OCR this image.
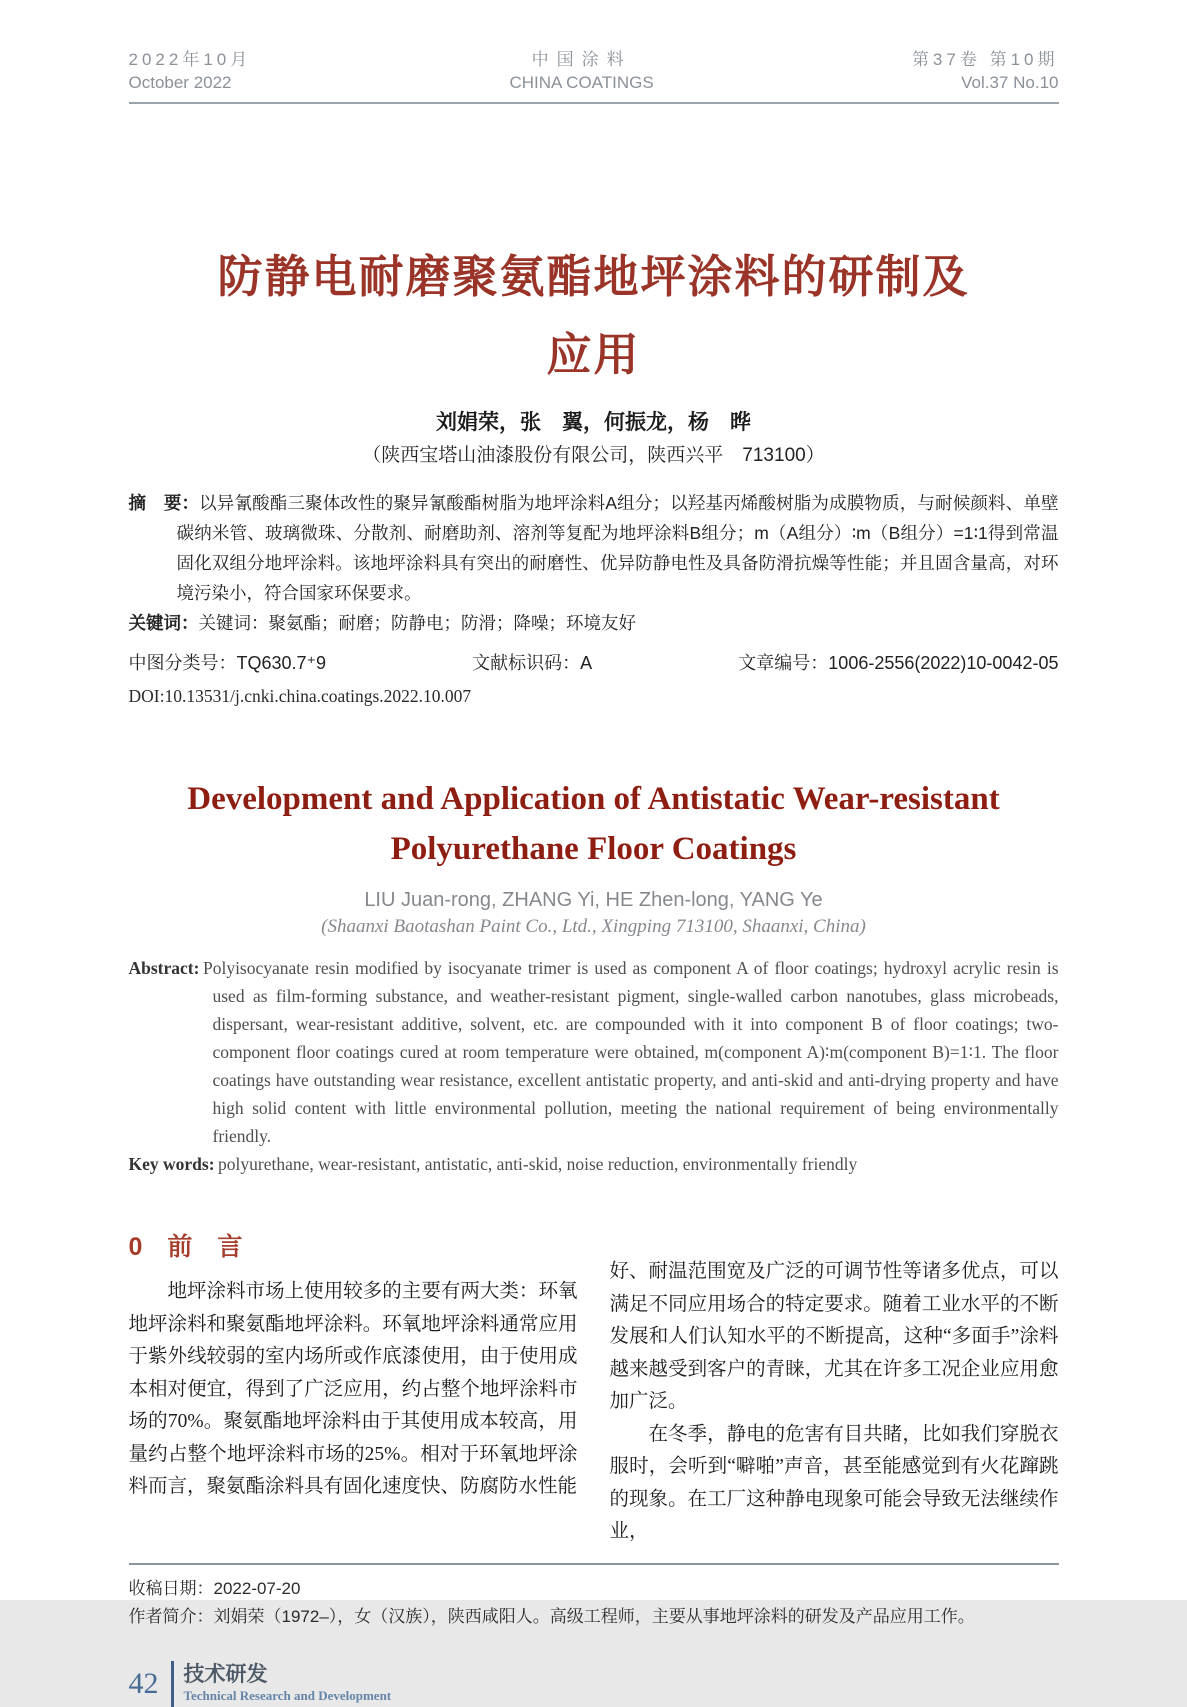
2022年10月
October 2022
中国涂料
CHINA COATINGS
第37卷 第10期
Vol.37 No.10
防静电耐磨聚氨酯地坪涂料的研制及
应用
刘娟荣，张　翼，何振龙，杨　晔
（陕西宝塔山油漆股份有限公司，陕西兴平　713100）

摘　要：以异氰酸酯三聚体改性的聚异氰酸酯树脂为地坪涂料A组分；以羟基丙烯酸树脂为成膜物质，与耐候颜料、单壁碳纳米管、玻璃微珠、分散剂、耐磨助剂、溶剂等复配为地坪涂料B组分；m（A组分）∶m（B组分）=1∶1得到常温固化双组分地坪涂料。该地坪涂料具有突出的耐磨性、优异防静电性及具备防滑抗燥等性能；并且固含量高，对环境污染小，符合国家环保要求。

关键词：关键词：聚氨酯；耐磨；防静电；防滑；降噪；环境友好

中图分类号：TQ630.7⁺9	文献标识码：A	文章编号：1006-2556(2022)10-0042-05
DOI:10.13531/j.cnki.china.coatings.2022.10.007
Development and Application of Antistatic Wear-resistant
Polyurethane Floor Coatings
LIU Juan-rong, ZHANG Yi, HE Zhen-long, YANG Ye
(Shaanxi Baotashan Paint Co., Ltd., Xingping 713100, Shaanxi, China)

Abstract:  Polyisocyanate resin modified by isocyanate trimer is used as component A of floor coatings; hydroxyl acrylic resin is used as film-forming substance, and weather-resistant pigment, single-walled carbon nanotubes, glass microbeads, dispersant, wear-resistant additive, solvent, etc. are compounded with it into component B of floor coatings; two-component floor coatings cured at room temperature were obtained, m(component A)∶m(component B)=1∶1. The floor coatings have outstanding wear resistance, excellent antistatic property, and anti-skid and anti-drying property and have high solid content with little environmental pollution, meeting the national requirement of being environmentally friendly.

Key words:  polyurethane, wear-resistant, antistatic, anti-skid, noise reduction, environmentally friendly

0　前　言

地坪涂料市场上使用较多的主要有两大类：环氧地坪涂料和聚氨酯地坪涂料。环氧地坪涂料通常应用于紫外线较弱的室内场所或作底漆使用，由于使用成本相对便宜，得到了广泛应用，约占整个地坪涂料市场的70%。聚氨酯地坪涂料由于其使用成本较高，用量约占整个地坪涂料市场的25%。相对于环氧地坪涂料而言，聚氨酯涂料具有固化速度快、防腐防水性能

好、耐温范围宽及广泛的可调节性等诸多优点，可以满足不同应用场合的特定要求。随着工业水平的不断发展和人们认知水平的不断提高，这种“多面手”涂料越来越受到客户的青睐，尤其在许多工况企业应用愈加广泛。

在冬季，静电的危害有目共睹，比如我们穿脱衣服时，会听到“噼啪”声音，甚至能感觉到有火花蹿跳的现象。在工厂这种静电现象可能会导致无法继续作业，

收稿日期：2022-07-20
作者简介：刘娟荣（1972–），女（汉族），陕西咸阳人。高级工程师，主要从事地坪涂料的研发及产品应用工作。
42 技术研发
Technical Research and Development
